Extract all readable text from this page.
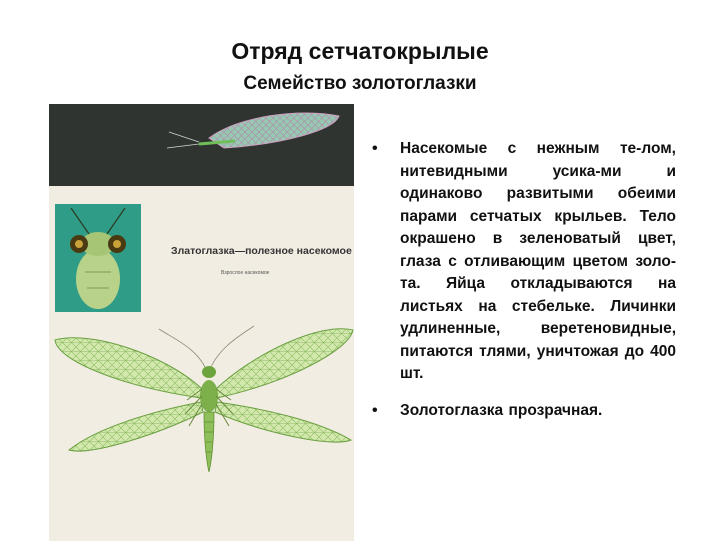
Отряд сетчатокрылые
Семейство золотоглазки
Златоглазка—полезное насекомое
Взрослое насекомое
• Насекомые с нежным те-лом, нитевидными усика-ми и одинаково развитыми обеими парами сетчатых крыльев. Тело окрашено в зеленоватый цвет, глаза с отливающим цветом золо-та. Яйца откладываются на листьях на стебельке. Личинки удлиненные, веретеновидные, питаются тлями, уничтожая до 400 шт.
• Золотоглазка прозрачная.
